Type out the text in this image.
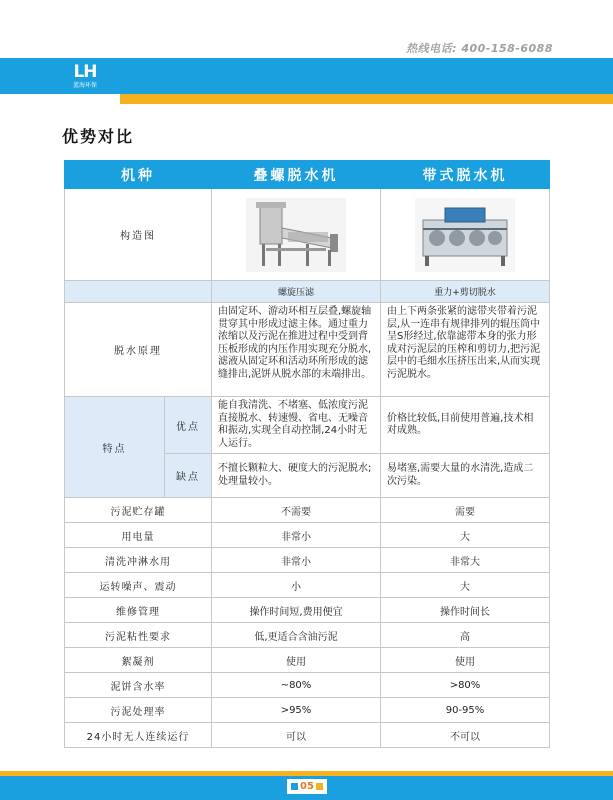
热线电话: 400-158-6088
LH
蓝海环保
优势对比
机种		叠螺脱水机	带式脱水机
构造图	

		螺旋压滤	重力+剪切脱水
脱水原理		由固定环、游动环相互层叠,螺旋轴贯穿其中形成过滤主体。通过重力浓缩以及污泥在推进过程中受到背压板形成的内压作用实现充分脱水,滤液从固定环和活动环所形成的滤缝排出,泥饼从脱水部的末端排出。	由上下两条张紧的滤带夹带着污泥层,从一连串有规律排列的辊压筒中呈S形经过,依靠滤带本身的张力形成对污泥层的压榨和剪切力,把污泥层中的毛细水压挤压出来,从而实现污泥脱水。
特点	优点	能自我清洗、不堵塞、低浓度污泥直接脱水、转速慢、省电、无噪音和振动,实现全自动控制,24小时无人运行。	价格比较低,目前使用普遍,技术相对成熟。
	缺点	不擅长颗粒大、硬度大的污泥脱水;处理量较小。	易堵塞,需要大量的水清洗,造成二次污染。
污泥贮存罐		不需要	需要
用电量		非常小	大
清洗冲淋水用		非常小	非常大
运转噪声、震动		小	大
维修管理		操作时间短,费用便宜	操作时间长
污泥粘性要求		低,更适合含油污泥	高
絮凝剂		使用	使用
泥饼含水率		~80%	>80%
污泥处理率		>95%	90-95%
24小时无人连续运行		可以	不可以
05
